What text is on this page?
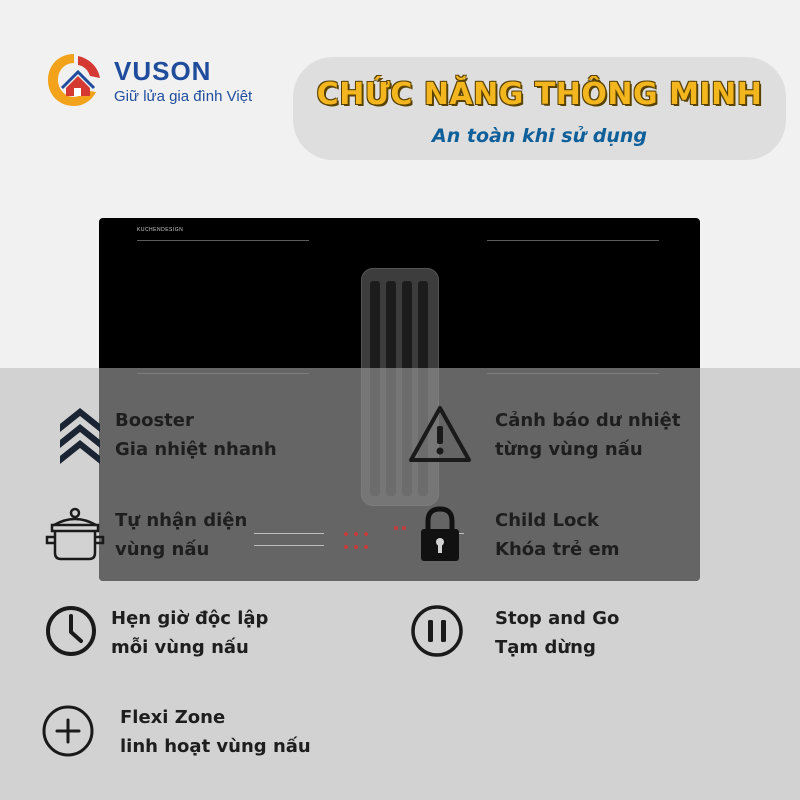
VUSON
Giữ lửa gia đình Việt	CHỨC NĂNG THÔNG MINH
An toàn khi sử dụng
KUCHENDESIGN
Booster
Gia nhiệt nhanh
Cảnh báo dư nhiệt
từng vùng nấu
Tự nhận diện
vùng nấu
Child Lock
Khóa trẻ em
Hẹn giờ độc lập
mỗi vùng nấu
Stop and Go
Tạm dừng
Flexi Zone
linh hoạt vùng nấu
